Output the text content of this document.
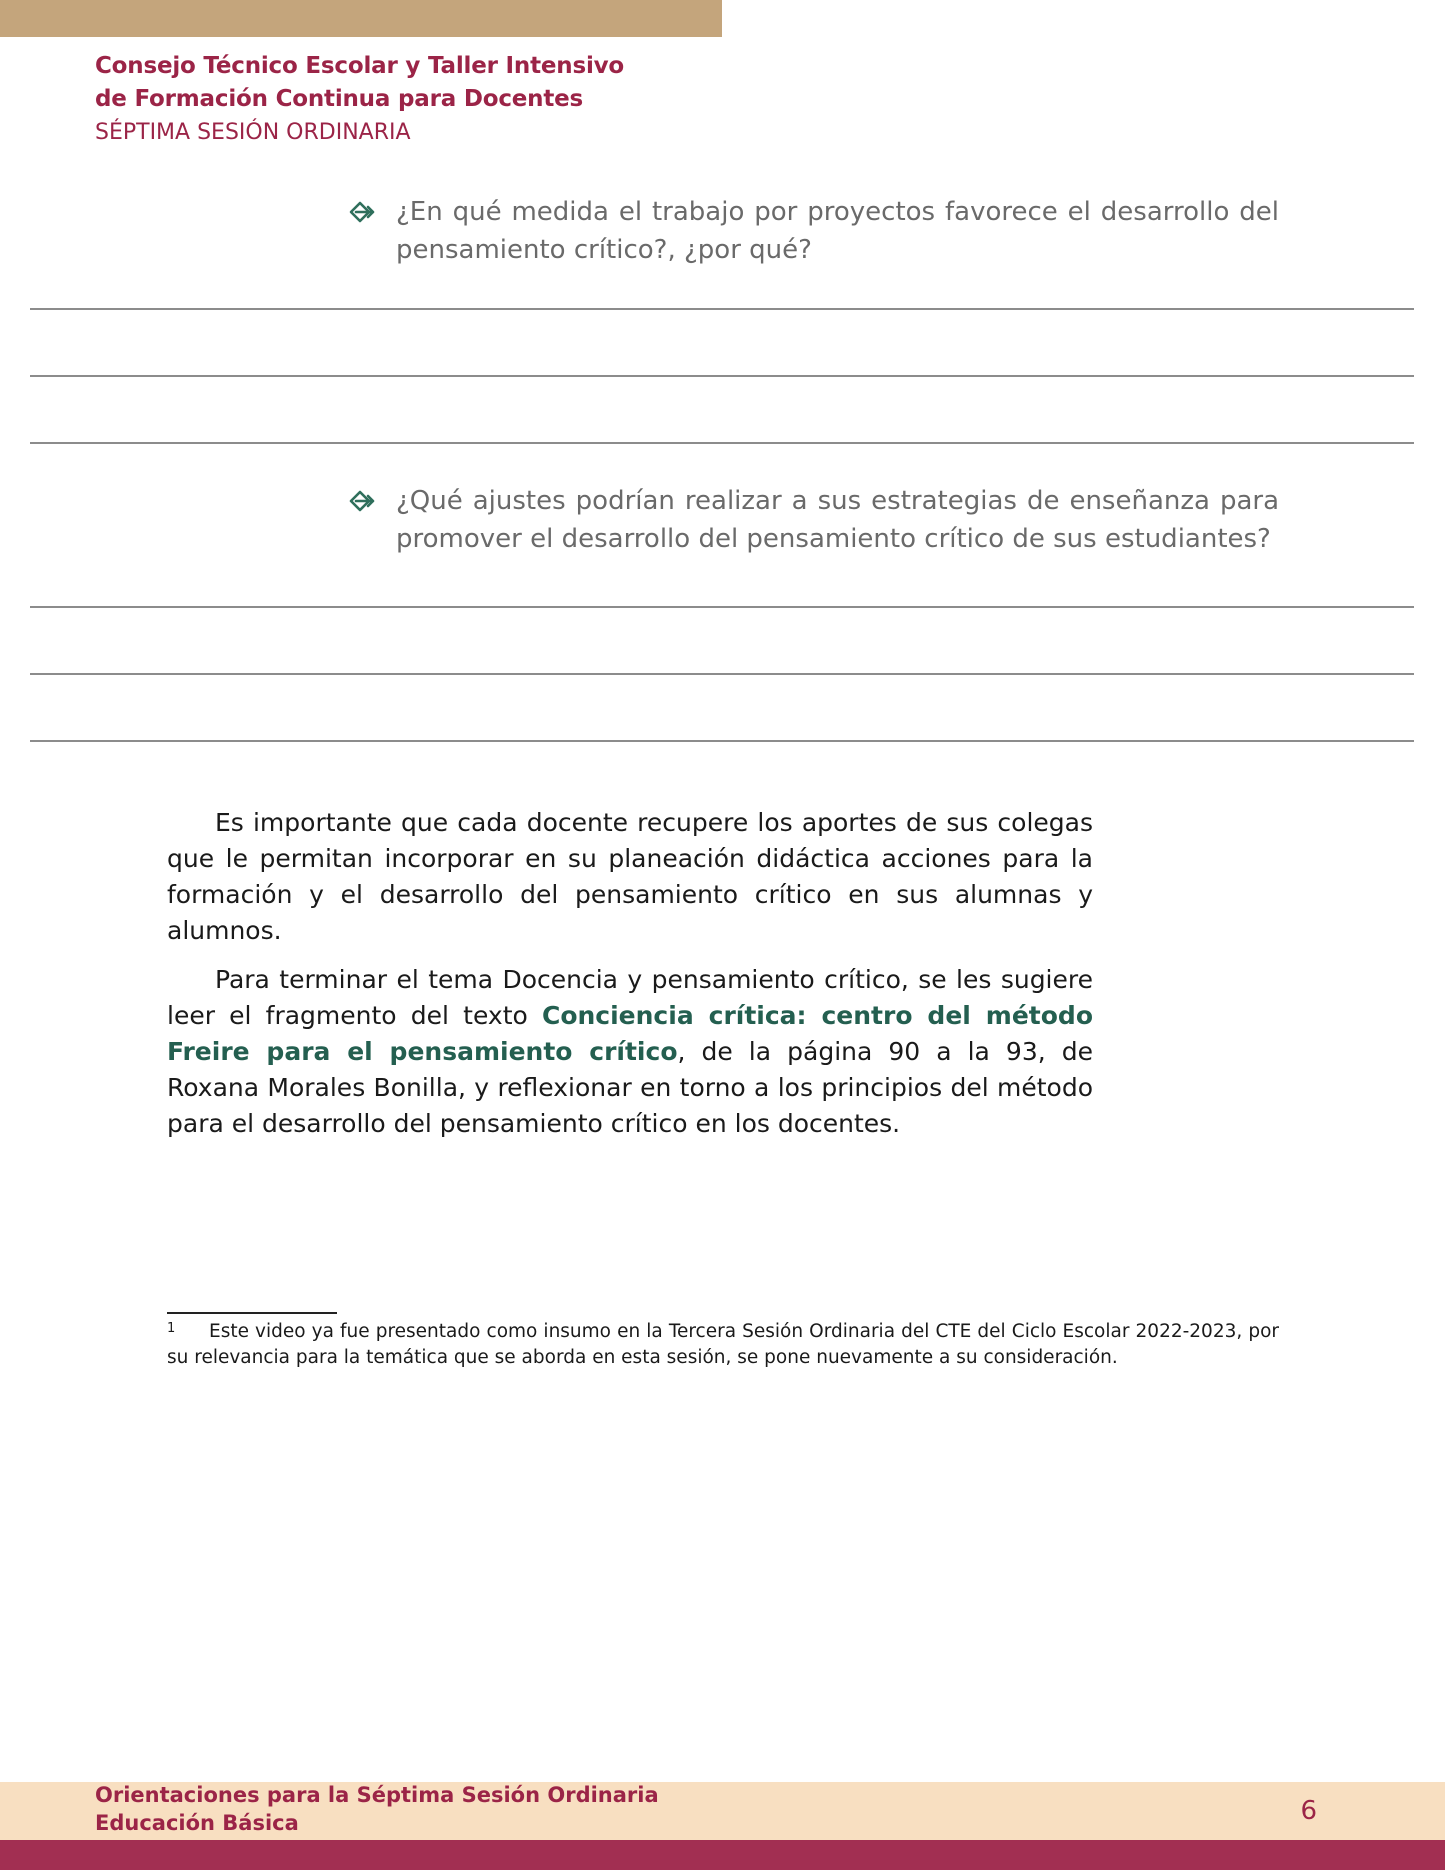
Consejo Técnico Escolar y Taller Intensivo
de Formación Continua para Docentes
SÉPTIMA SESIÓN ORDINARIA
¿En qué medida el trabajo por proyectos favorece el desarrollo del pensamiento crítico?, ¿por qué?
¿Qué ajustes podrían realizar a sus estrategias de enseñanza para promover el desarrollo del pensamiento crítico de sus estudiantes?

Es importante que cada docente recupere los aportes de sus colegas que le permitan incorporar en su planeación didáctica acciones para la formación y el desarrollo del pensamiento crítico en sus alumnas y alumnos.

Para terminar el tema Docencia y pensamiento crítico, se les sugiere leer el fragmento del texto Conciencia crítica: centro del método Freire para el pensamiento crítico, de la página 90 a la 93, de Roxana Morales Bonilla, y reflexionar en torno a los principios del método para el desarrollo del pensamiento crítico en los docentes.

1 Este video ya fue presentado como insumo en la Tercera Sesión Ordinaria del CTE del Ciclo Escolar 2022-2023, por su relevancia para la temática que se aborda en esta sesión, se pone nuevamente a su consideración.
Orientaciones para la Séptima Sesión Ordinaria
Educación Básica	6
